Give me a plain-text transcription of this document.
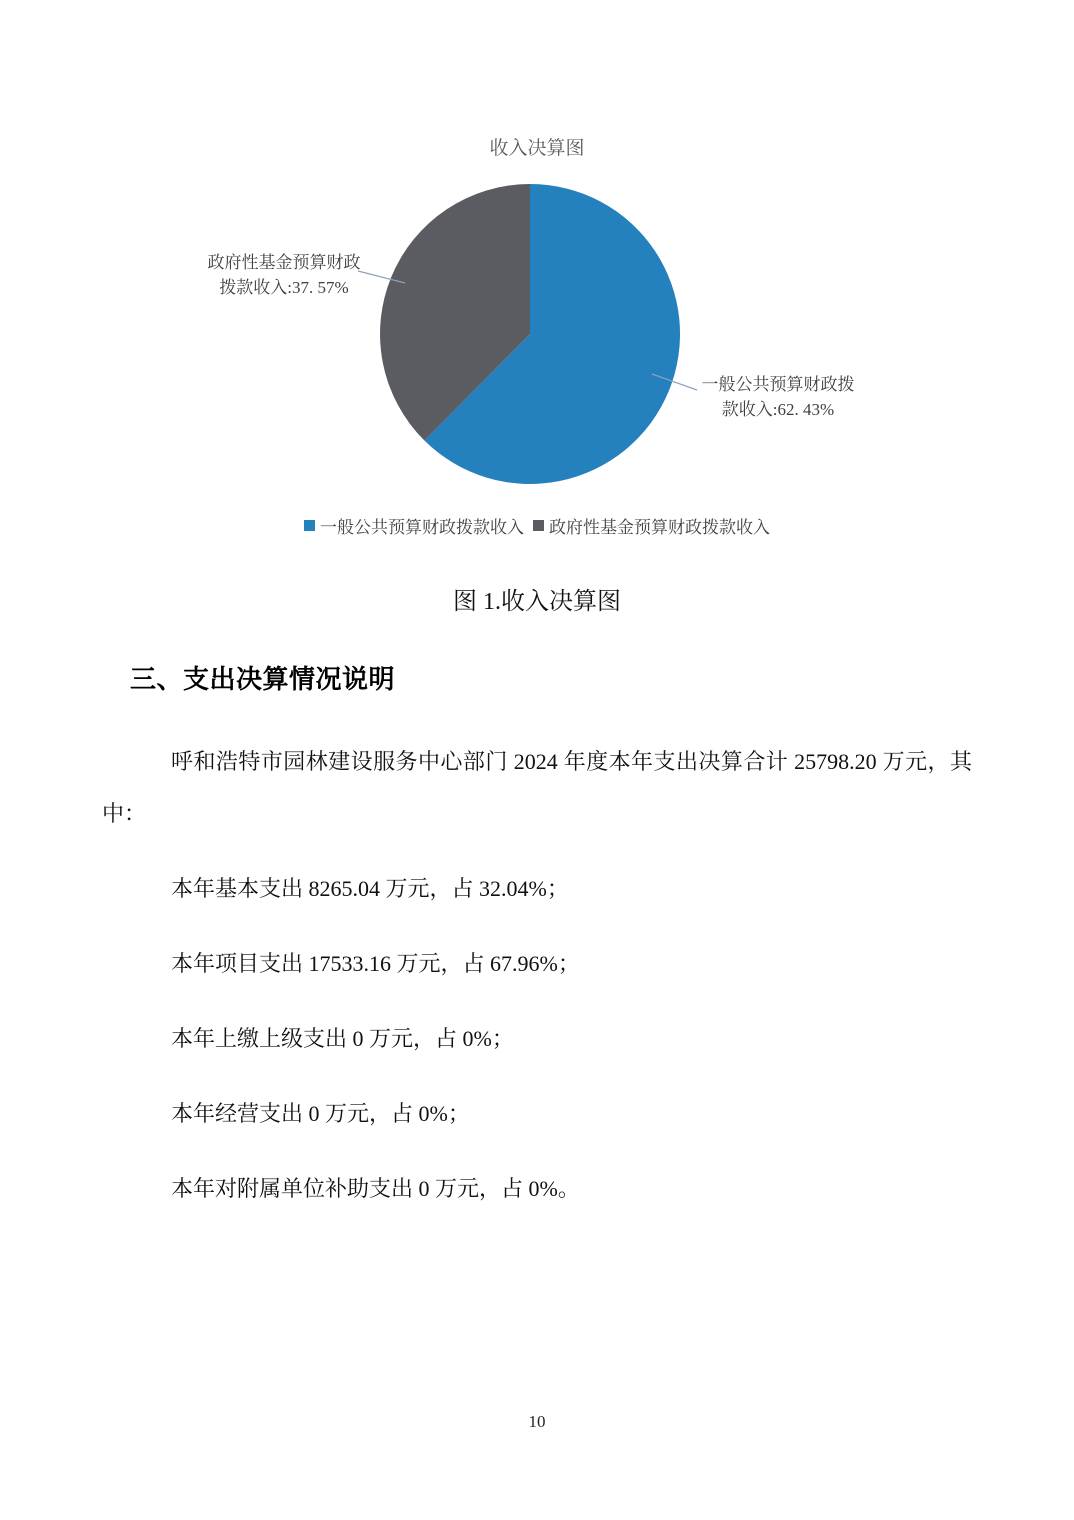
收入决算图
政府性基金预算财政拨款收入:37. 57%
一般公共预算财政拨款收入:62. 43%
一般公共预算财政拨款收入 政府性基金预算财政拨款收入
图 1.收入决算图
三、支出决算情况说明

呼和浩特市园林建设服务中心部门 2024 年度本年支出决算合计 25798.20 万元，其中：

本年基本支出 8265.04 万元，占 32.04%；

本年项目支出 17533.16 万元，占 67.96%；

本年上缴上级支出 0 万元，占 0%；

本年经营支出 0 万元，占 0%；

本年对附属单位补助支出 0 万元，占 0%。

10
